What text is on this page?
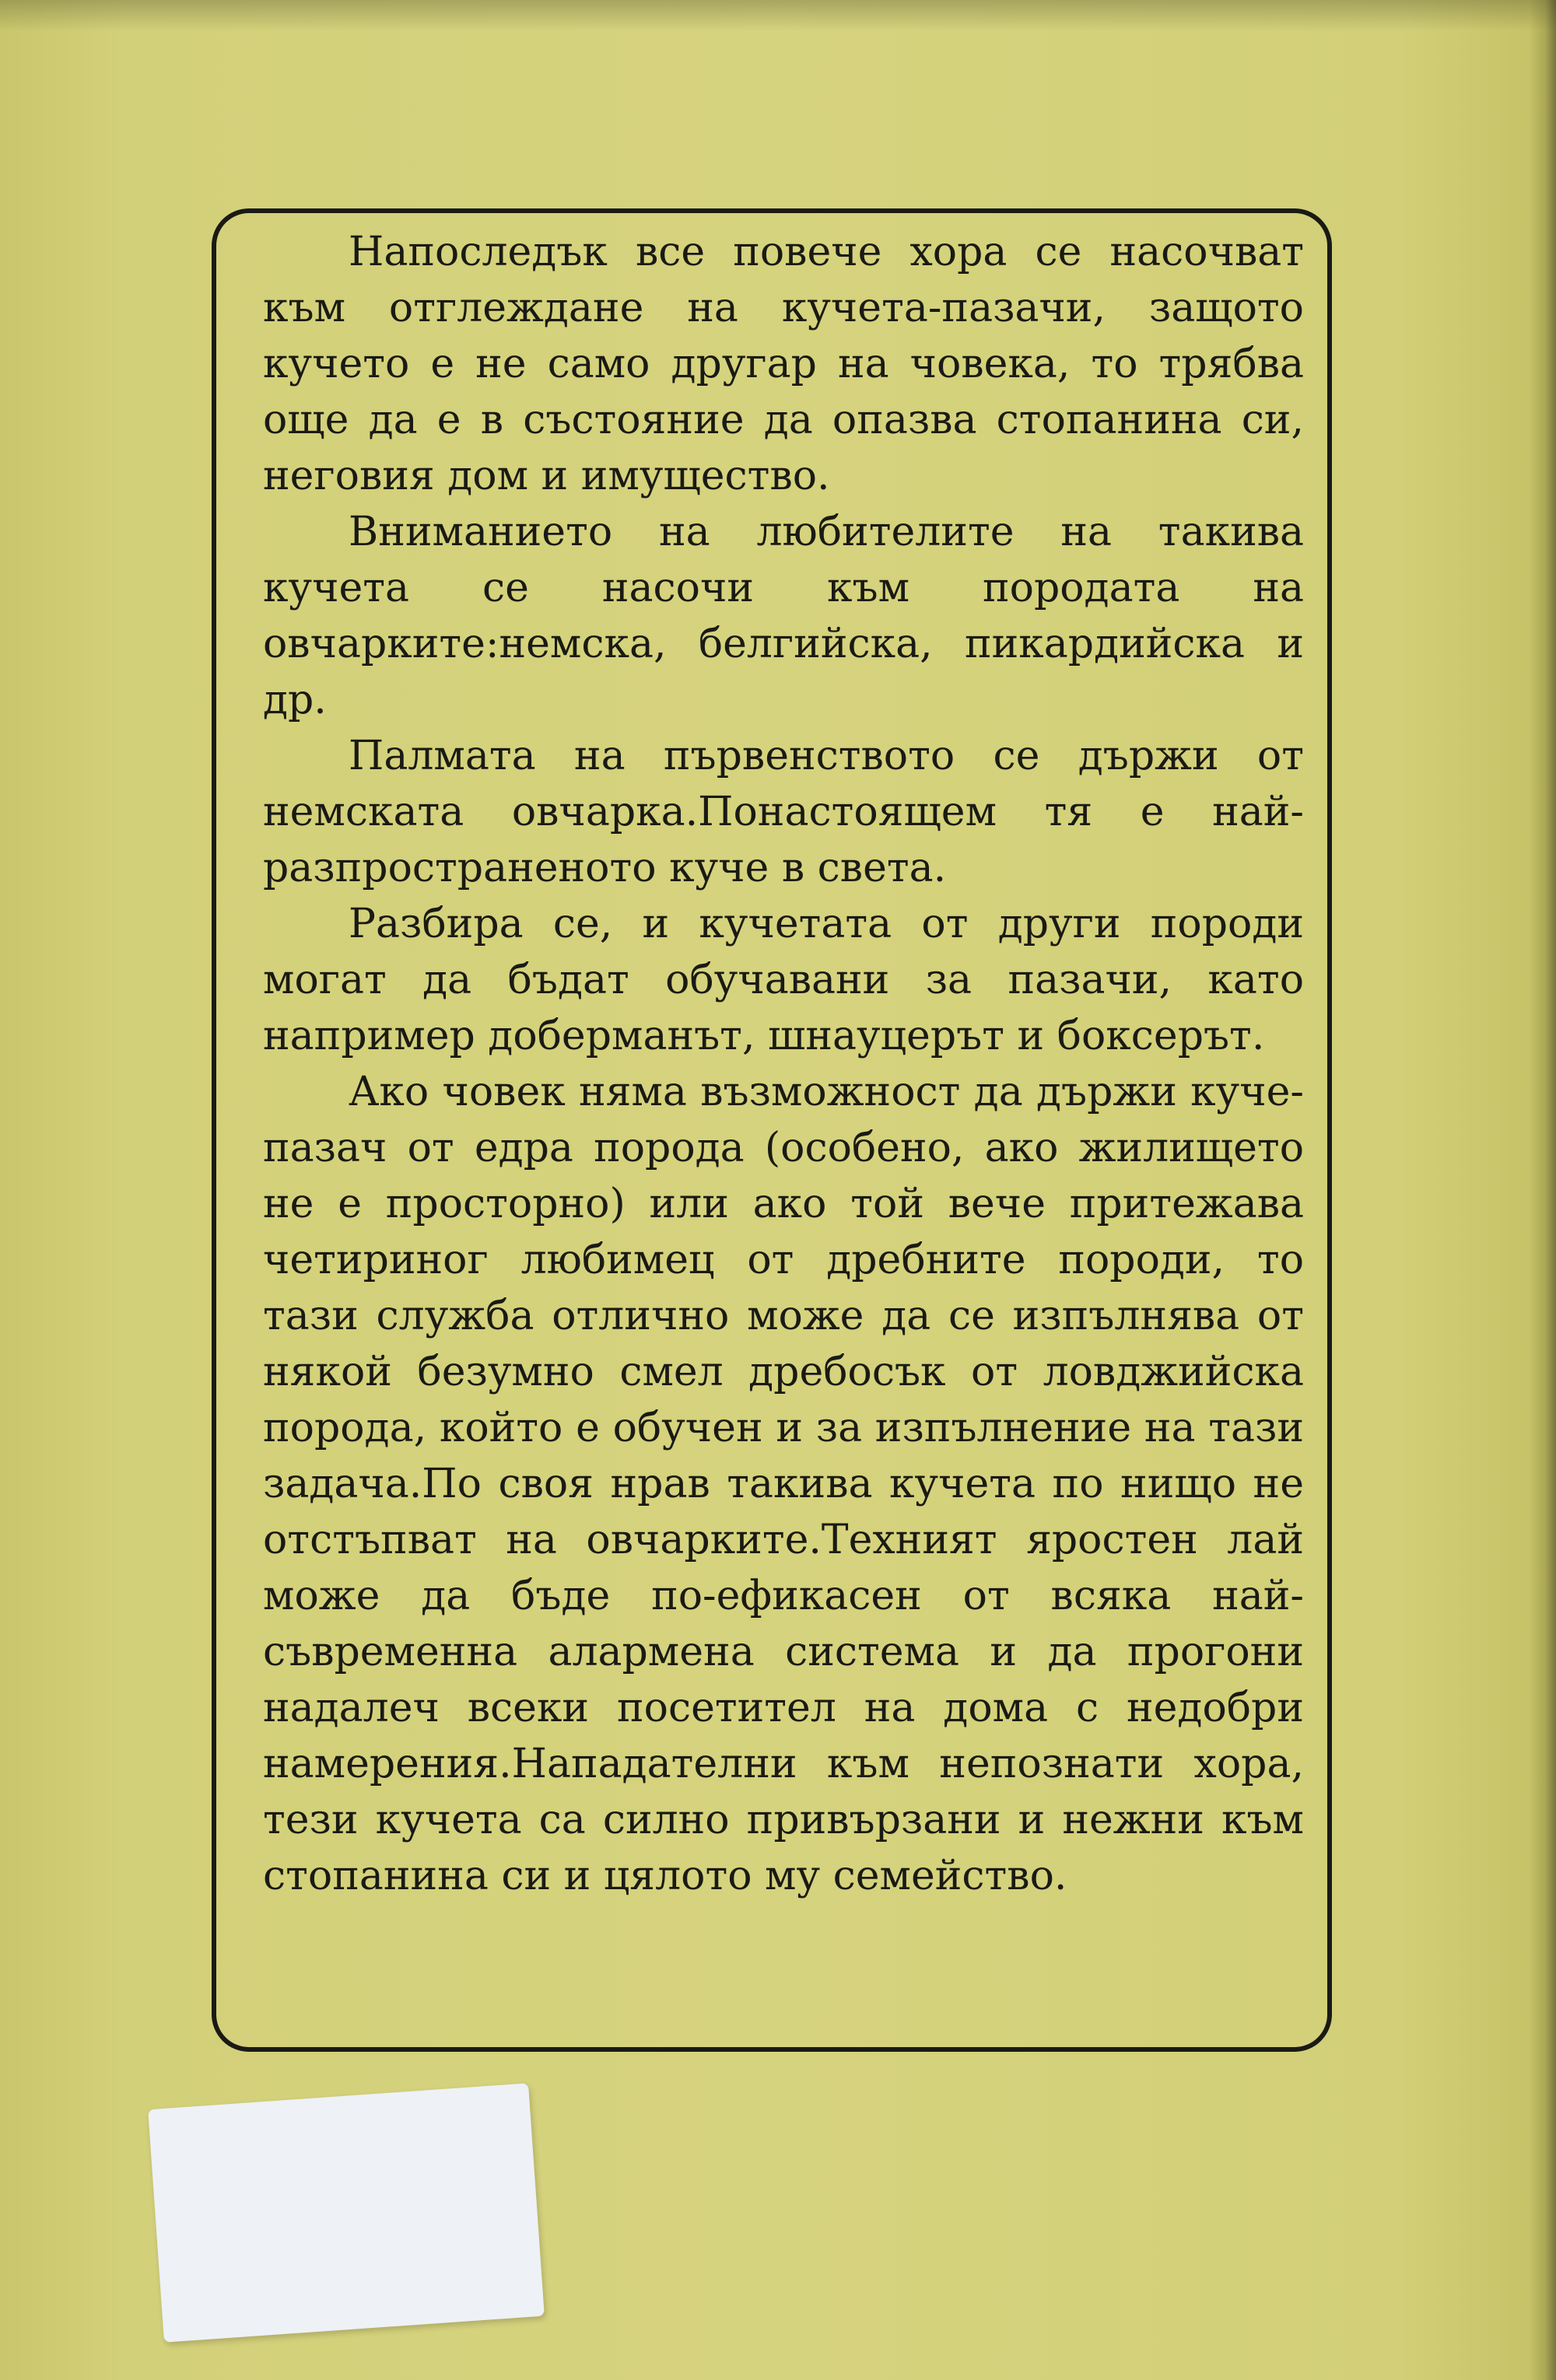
Напоследък все повече хора се насочват към отглеждане на кучета-пазачи, защото кучето е не само другар на човека, то трябва още да е в състояние да опазва стопанина си, неговия дом и имущество.

Вниманието на любителите на такива кучета се насочи към породата на овчарките:немска, белгийска, пикардийска и др.

Палмата на първенството се държи от немската овчарка.Понастоящем тя е най-разпространеното куче в света.

Разбира се, и кучетата от други породи могат да бъдат обучавани за пазачи, като например доберманът, шнауцерът и боксерът.

Ако човек няма възможност да държи куче-пазач от едра порода (особено, ако жилището не е просторно) или ако той вече притежава четириног любимец от дребните породи, то тази служба отлично може да се изпълнява от някой безумно смел дребосък от ловджийска порода, който е обучен и за изпълнение на тази задача.По своя нрав такива кучета по нищо не отстъпват на овчарките.Техният яростен лай може да бъде по-ефикасен от всяка най-съвременна алармена система и да прогони надалеч всеки посетител на дома с недобри намерения.Нападателни към непознати хора, тези кучета са силно привързани и нежни към стопанина си и цялото му семейство.
